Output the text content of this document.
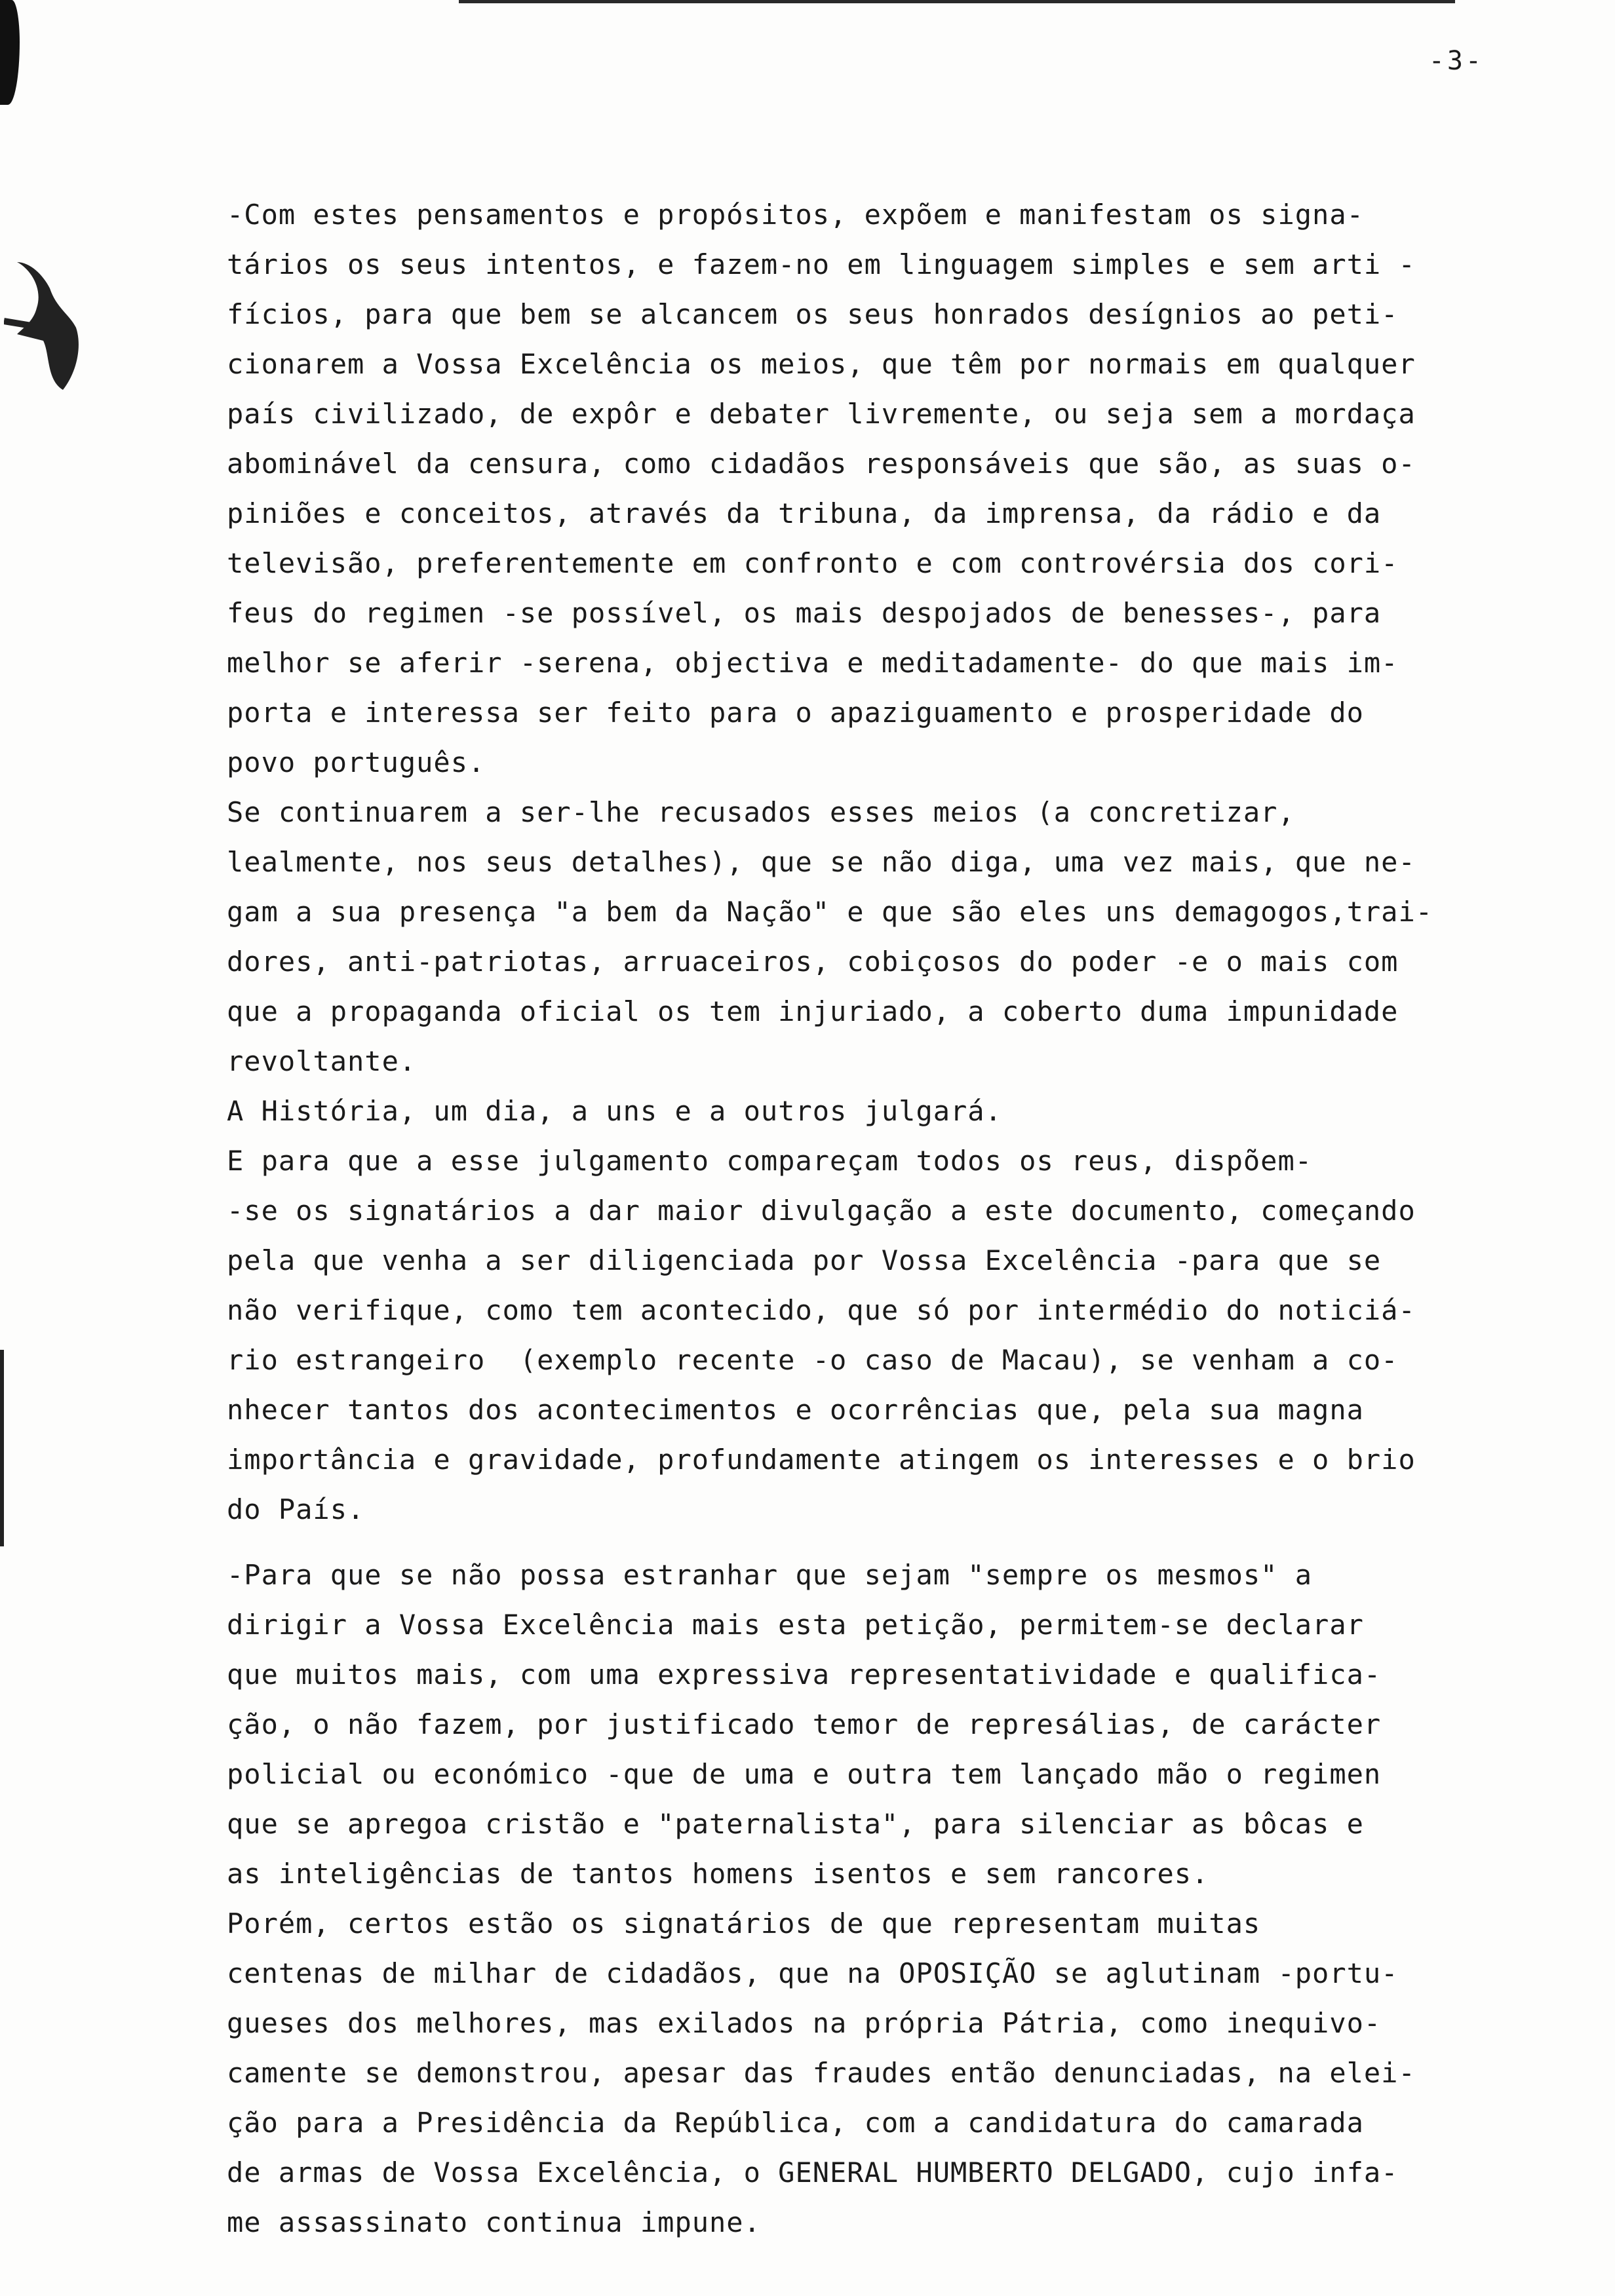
-3-

-Com estes pensamentos e propósitos, expõem e manifestam os signa-
tários os seus intentos, e fazem-no em linguagem simples e sem arti -
fícios, para que bem se alcancem os seus honrados desígnios ao peti-
cionarem a Vossa Excelência os meios, que têm por normais em qualquer
país civilizado, de expôr e debater livremente, ou seja sem a mordaça
abominável da censura, como cidadãos responsáveis que são, as suas o-
piniões e conceitos, através da tribuna, da imprensa, da rádio e da
televisão, preferentemente em confronto e com controvérsia dos cori-
feus do regimen -se possível, os mais despojados de benesses-, para
melhor se aferir -serena, objectiva e meditadamente- do que mais im-
porta e interessa ser feito para o apaziguamento e prosperidade do
povo português.

Se continuarem a ser-lhe recusados esses meios (a concretizar,
lealmente, nos seus detalhes), que se não diga, uma vez mais, que ne-
gam a sua presença "a bem da Nação" e que são eles uns demagogos,trai-
dores, anti-patriotas, arruaceiros, cobiçosos do poder -e o mais com
que a propaganda oficial os tem injuriado, a coberto duma impunidade
revoltante.

A História, um dia, a uns e a outros julgará.

E para que a esse julgamento compareçam todos os reus, dispõem-
-se os signatários a dar maior divulgação a este documento, começando
pela que venha a ser diligenciada por Vossa Excelência -para que se
não verifique, como tem acontecido, que só por intermédio do noticiá-
rio estrangeiro  (exemplo recente -o caso de Macau), se venham a co-
nhecer tantos dos acontecimentos e ocorrências que, pela sua magna
importância e gravidade, profundamente atingem os interesses e o brio
do País.

-Para que se não possa estranhar que sejam "sempre os mesmos" a
dirigir a Vossa Excelência mais esta petição, permitem-se declarar
que muitos mais, com uma expressiva representatividade e qualifica-
ção, o não fazem, por justificado temor de represálias, de carácter
policial ou económico -que de uma e outra tem lançado mão o regimen
que se apregoa cristão e "paternalista", para silenciar as bôcas e
as inteligências de tantos homens isentos e sem rancores.

Porém, certos estão os signatários de que representam muitas
centenas de milhar de cidadãos, que na OPOSIÇÃO se aglutinam -portu-
gueses dos melhores, mas exilados na própria Pátria, como inequivo-
camente se demonstrou, apesar das fraudes então denunciadas, na elei-
ção para a Presidência da República, com a candidatura do camarada
de armas de Vossa Excelência, o GENERAL HUMBERTO DELGADO, cujo infa-
me assassinato continua impune.
